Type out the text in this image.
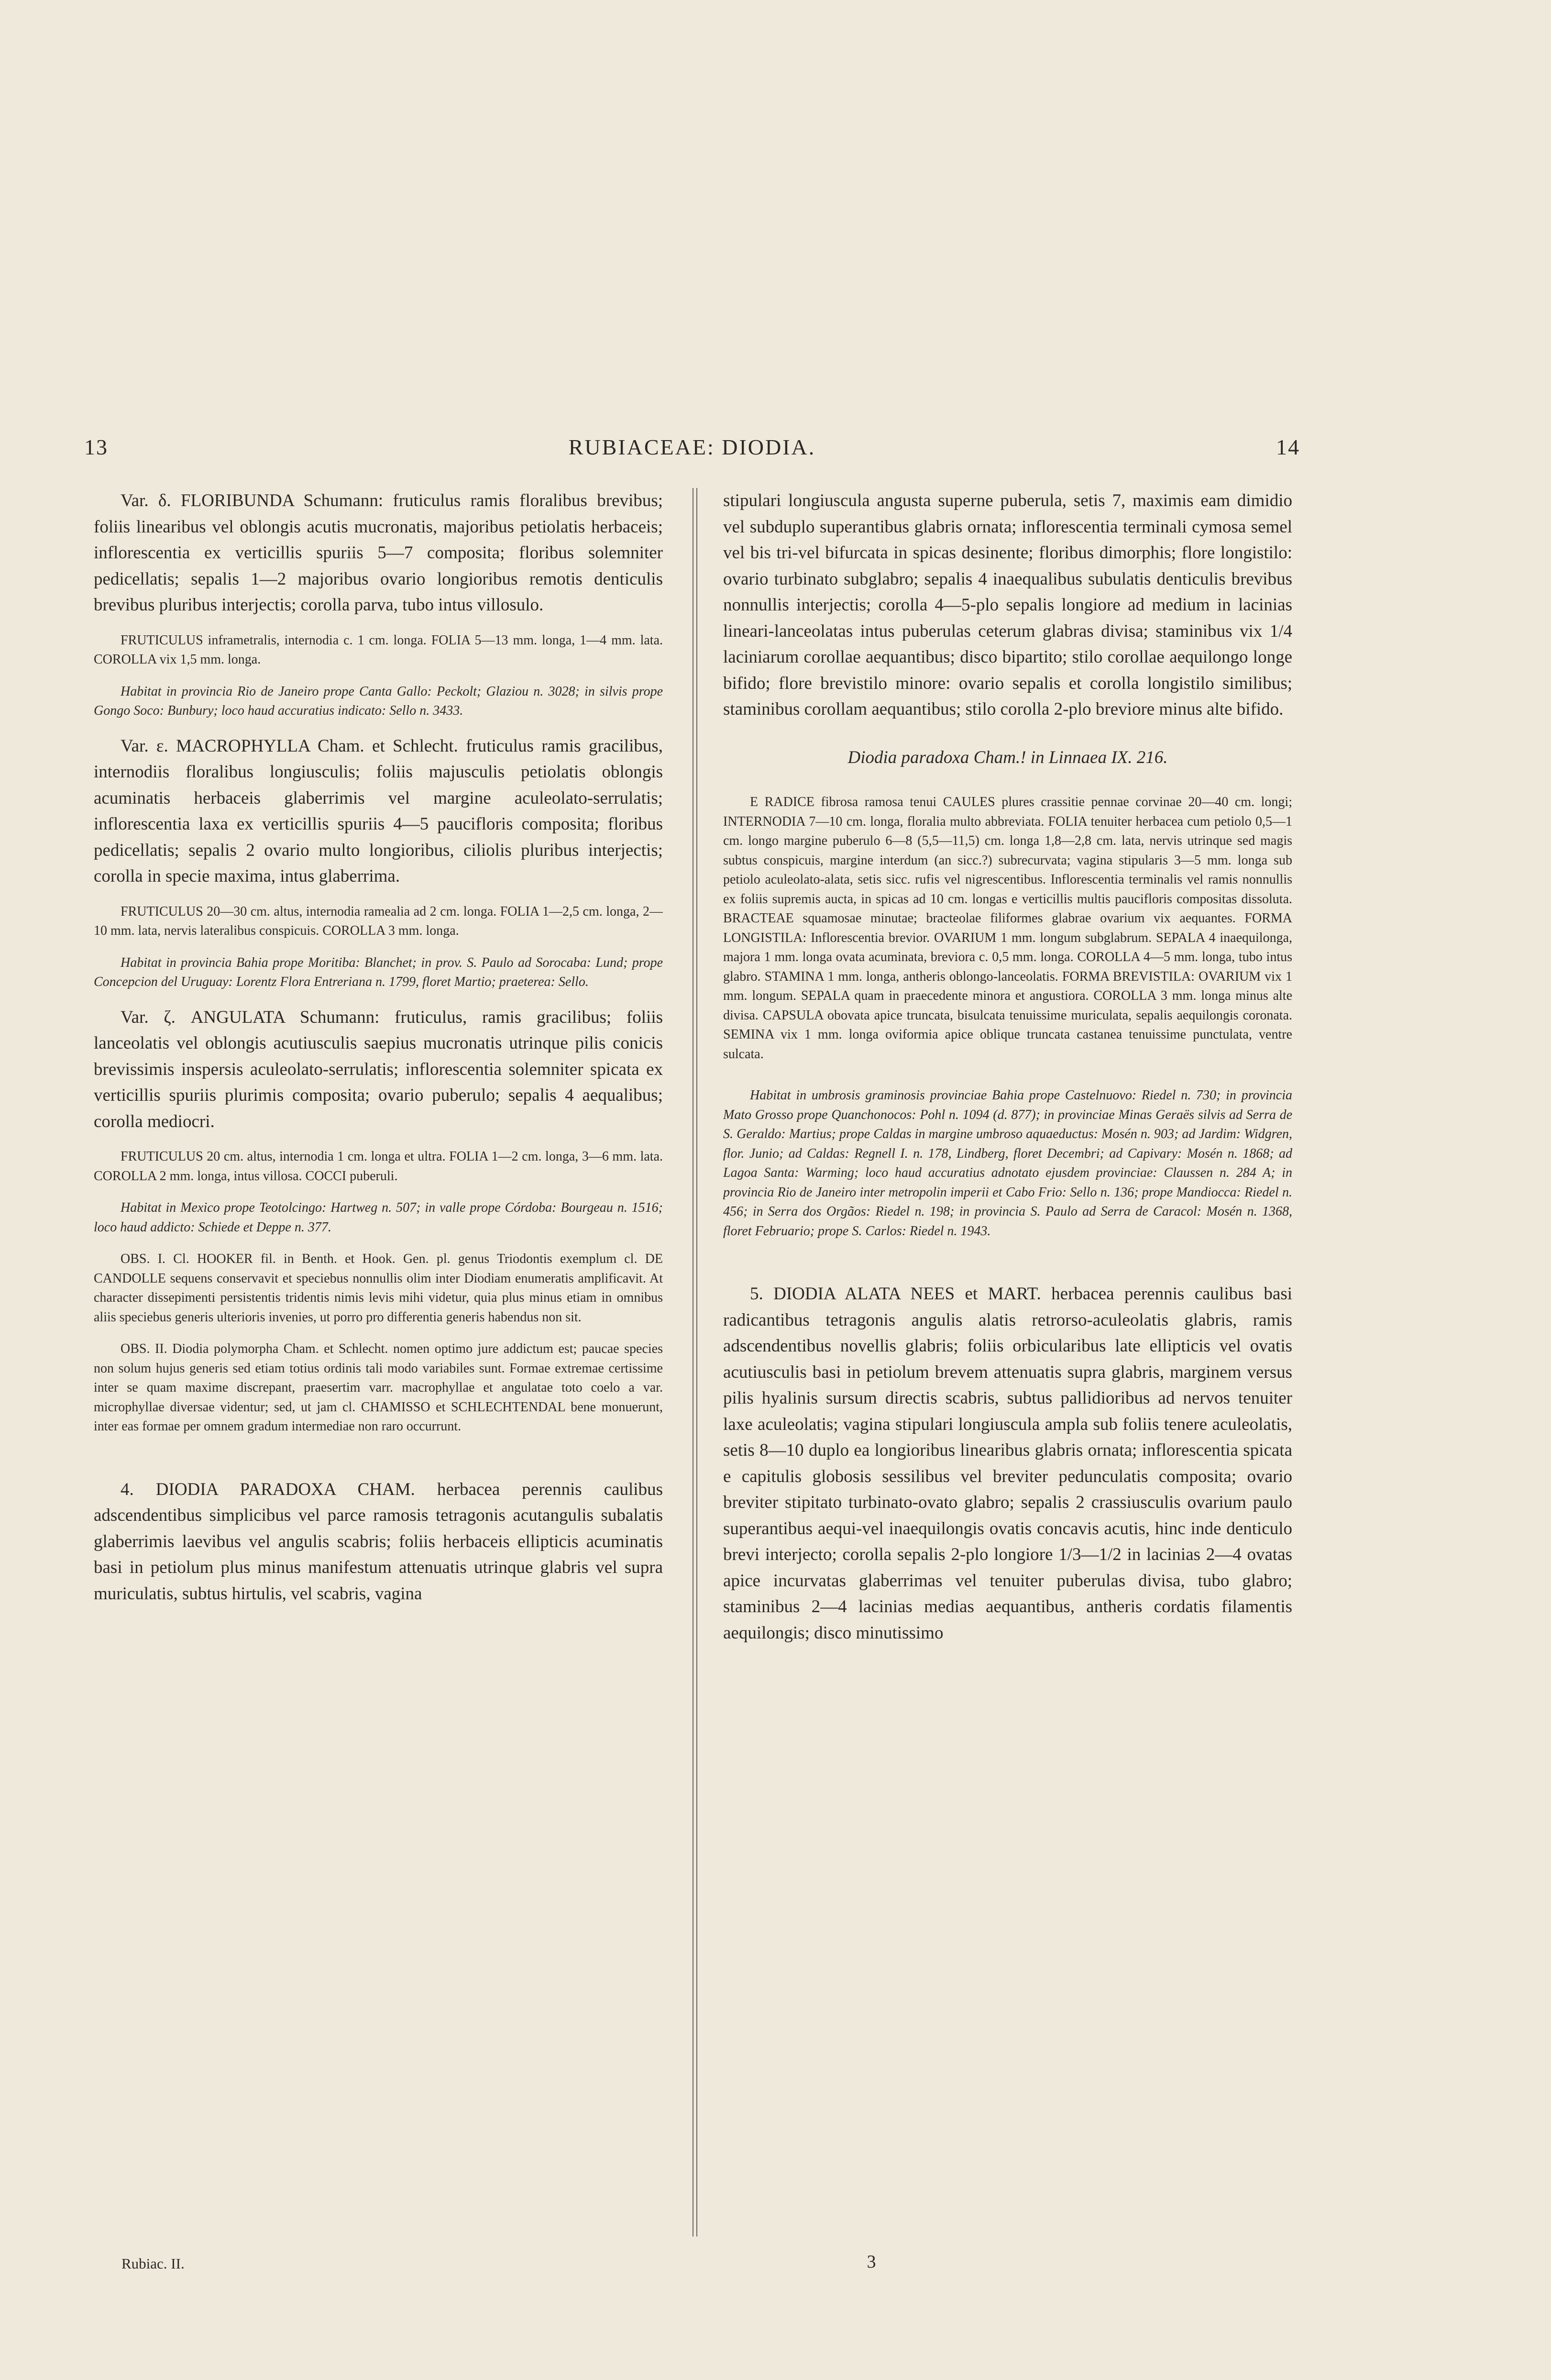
13	RUBIACEAE: DIODIA.	14

Var. δ. FLORIBUNDA Schumann: fruticulus ramis floralibus brevibus; foliis linearibus vel oblongis acutis mucronatis, majoribus petiolatis herbaceis; inflorescentia ex verticillis spuriis 5—7 composita; floribus solemniter pedicellatis; sepalis 1—2 majoribus ovario longioribus remotis denticulis brevibus pluribus interjectis; corolla parva, tubo intus villosulo.

FRUTICULUS inframetralis, internodia c. 1 cm. longa. FOLIA 5—13 mm. longa, 1—4 mm. lata. COROLLA vix 1,5 mm. longa.

Habitat in provincia Rio de Janeiro prope Canta Gallo: Peckolt; Glaziou n. 3028; in silvis prope Gongo Soco: Bunbury; loco haud accuratius indicato: Sello n. 3433.

Var. ε. MACROPHYLLA Cham. et Schlecht. fruticulus ramis gracilibus, internodiis floralibus longiusculis; foliis majusculis petiolatis oblongis acuminatis herbaceis glaberrimis vel margine aculeolato-serrulatis; inflorescentia laxa ex verticillis spuriis 4—5 paucifloris composita; floribus pedicellatis; sepalis 2 ovario multo longioribus, ciliolis pluribus interjectis; corolla in specie maxima, intus glaberrima.

FRUTICULUS 20—30 cm. altus, internodia ramealia ad 2 cm. longa. FOLIA 1—2,5 cm. longa, 2—10 mm. lata, nervis lateralibus conspicuis. COROLLA 3 mm. longa.

Habitat in provincia Bahia prope Moritiba: Blanchet; in prov. S. Paulo ad Sorocaba: Lund; prope Concepcion del Uruguay: Lorentz Flora Entreriana n. 1799, floret Martio; praeterea: Sello.

Var. ζ. ANGULATA Schumann: fruticulus, ramis gracilibus; foliis lanceolatis vel oblongis acutiusculis saepius mucronatis utrinque pilis conicis brevissimis inspersis aculeolato-serrulatis; inflorescentia solemniter spicata ex verticillis spuriis plurimis composita; ovario puberulo; sepalis 4 aequalibus; corolla mediocri.

FRUTICULUS 20 cm. altus, internodia 1 cm. longa et ultra. FOLIA 1—2 cm. longa, 3—6 mm. lata. COROLLA 2 mm. longa, intus villosa. COCCI puberuli.

Habitat in Mexico prope Teotolcingo: Hartweg n. 507; in valle prope Córdoba: Bourgeau n. 1516; loco haud addicto: Schiede et Deppe n. 377.

OBS. I. Cl. HOOKER fil. in Benth. et Hook. Gen. pl. genus Triodontis exemplum cl. DE CANDOLLE sequens conservavit et speciebus nonnullis olim inter Diodiam enumeratis amplificavit. At character dissepimenti persistentis tridentis nimis levis mihi videtur, quia plus minus etiam in omnibus aliis speciebus generis ulterioris invenies, ut porro pro differentia generis habendus non sit.

OBS. II. Diodia polymorpha Cham. et Schlecht. nomen optimo jure addictum est; paucae species non solum hujus generis sed etiam totius ordinis tali modo variabiles sunt. Formae extremae certissime inter se quam maxime discrepant, praesertim varr. macrophyllae et angulatae toto coelo a var. microphyllae diversae videntur; sed, ut jam cl. CHAMISSO et SCHLECHTENDAL bene monuerunt, inter eas formae per omnem gradum intermediae non raro occurrunt.

4. DIODIA PARADOXA CHAM. herbacea perennis caulibus adscendentibus simplicibus vel parce ramosis tetragonis acutangulis subalatis glaberrimis laevibus vel angulis scabris; foliis herbaceis ellipticis acuminatis basi in petiolum plus minus manifestum attenuatis utrinque glabris vel supra muriculatis, subtus hirtulis, vel scabris, vagina

stipulari longiuscula angusta superne puberula, setis 7, maximis eam dimidio vel subduplo superantibus glabris ornata; inflorescentia terminali cymosa semel vel bis tri-vel bifurcata in spicas desinente; floribus dimorphis; flore longistilo: ovario turbinato subglabro; sepalis 4 inaequalibus subulatis denticulis brevibus nonnullis interjectis; corolla 4—5-plo sepalis longiore ad medium in lacinias lineari-lanceolatas intus puberulas ceterum glabras divisa; staminibus vix 1/4 laciniarum corollae aequantibus; disco bipartito; stilo corollae aequilongo longe bifido; flore brevistilo minore: ovario sepalis et corolla longistilo similibus; staminibus corollam aequantibus; stilo corolla 2-plo breviore minus alte bifido.

Diodia paradoxa Cham.! in Linnaea IX. 216.

E RADICE fibrosa ramosa tenui CAULES plures crassitie pennae corvinae 20—40 cm. longi; INTERNODIA 7—10 cm. longa, floralia multo abbreviata. FOLIA tenuiter herbacea cum petiolo 0,5—1 cm. longo margine puberulo 6—8 (5,5—11,5) cm. longa 1,8—2,8 cm. lata, nervis utrinque sed magis subtus conspicuis, margine interdum (an sicc.?) subrecurvata; vagina stipularis 3—5 mm. longa sub petiolo aculeolato-alata, setis sicc. rufis vel nigrescentibus. Inflorescentia terminalis vel ramis nonnullis ex foliis supremis aucta, in spicas ad 10 cm. longas e verticillis multis paucifloris compositas dissoluta. BRACTEAE squamosae minutae; bracteolae filiformes glabrae ovarium vix aequantes. FORMA LONGISTILA: Inflorescentia brevior. OVARIUM 1 mm. longum subglabrum. SEPALA 4 inaequilonga, majora 1 mm. longa ovata acuminata, breviora c. 0,5 mm. longa. COROLLA 4—5 mm. longa, tubo intus glabro. STAMINA 1 mm. longa, antheris oblongo-lanceolatis. FORMA BREVISTILA: OVARIUM vix 1 mm. longum. SEPALA quam in praecedente minora et angustiora. COROLLA 3 mm. longa minus alte divisa. CAPSULA obovata apice truncata, bisulcata tenuissime muriculata, sepalis aequilongis coronata. SEMINA vix 1 mm. longa oviformia apice oblique truncata castanea tenuissime punctulata, ventre sulcata.

Habitat in umbrosis graminosis provinciae Bahia prope Castelnuovo: Riedel n. 730; in provincia Mato Grosso prope Quanchonocos: Pohl n. 1094 (d. 877); in provinciae Minas Geraës silvis ad Serra de S. Geraldo: Martius; prope Caldas in margine umbroso aquaeductus: Mosén n. 903; ad Jardim: Widgren, flor. Junio; ad Caldas: Regnell I. n. 178, Lindberg, floret Decembri; ad Capivary: Mosén n. 1868; ad Lagoa Santa: Warming; loco haud accuratius adnotato ejusdem provinciae: Claussen n. 284 A; in provincia Rio de Janeiro inter metropolin imperii et Cabo Frio: Sello n. 136; prope Mandiocca: Riedel n. 456; in Serra dos Orgãos: Riedel n. 198; in provincia S. Paulo ad Serra de Caracol: Mosén n. 1368, floret Februario; prope S. Carlos: Riedel n. 1943.

5. DIODIA ALATA NEES et MART. herbacea perennis caulibus basi radicantibus tetragonis angulis alatis retrorso-aculeolatis glabris, ramis adscendentibus novellis glabris; foliis orbicularibus late ellipticis vel ovatis acutiusculis basi in petiolum brevem attenuatis supra glabris, marginem versus pilis hyalinis sursum directis scabris, subtus pallidioribus ad nervos tenuiter laxe aculeolatis; vagina stipulari longiuscula ampla sub foliis tenere aculeolatis, setis 8—10 duplo ea longioribus linearibus glabris ornata; inflorescentia spicata e capitulis globosis sessilibus vel breviter pedunculatis composita; ovario breviter stipitato turbinato-ovato glabro; sepalis 2 crassiusculis ovarium paulo superantibus aequi-vel inaequilongis ovatis concavis acutis, hinc inde denticulo brevi interjecto; corolla sepalis 2-plo longiore 1/3—1/2 in lacinias 2—4 ovatas apice incurvatas glaberrimas vel tenuiter puberulas divisa, tubo glabro; staminibus 2—4 lacinias medias aequantibus, antheris cordatis filamentis aequilongis; disco minutissimo

Rubiac. II.	3
